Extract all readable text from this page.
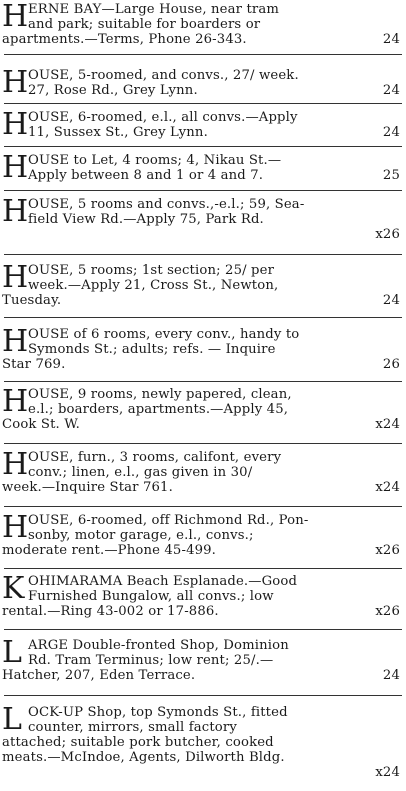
H ERNE BAY—Large House, near tram
and park; suitable for boarders or
apartments.—Terms, Phone 26-343.	24
H OUSE, 5-roomed, and convs., 27/ week.
27, Rose Rd., Grey Lynn.	24
H OUSE, 6-roomed, e.l., all convs.—Apply
11, Sussex St., Grey Lynn.	24
H OUSE to Let, 4 rooms; 4, Nikau St.—
Apply between 8 and 1 or 4 and 7.	25
H OUSE, 5 rooms and convs.,-e.l.; 59, Sea-
field View Rd.—Apply 75, Park Rd.
x26
H OUSE, 5 rooms; 1st section; 25/ per
week.—Apply 21, Cross St., Newton,
Tuesday.	24
H OUSE of 6 rooms, every conv., handy to
Symonds St.; adults; refs. — Inquire
Star 769.	26
H OUSE, 9 rooms, newly papered, clean,
e.l.; boarders, apartments.—Apply 45,
Cook St. W.	x24
H OUSE, furn., 3 rooms, califont, every
conv.; linen, e.l., gas given in 30/
week.—Inquire Star 761.	x24
H OUSE, 6-roomed, off Richmond Rd., Pon-
sonby, motor garage, e.l., convs.;
moderate rent.—Phone 45-499.	x26
K OHIMARAMA Beach Esplanade.—Good
Furnished Bungalow, all convs.; low
rental.—Ring 43-002 or 17-886.	x26
L ARGE Double-fronted Shop, Dominion
Rd. Tram Terminus; low rent; 25/.—
Hatcher, 207, Eden Terrace.	24
L OCK-UP Shop, top Symonds St., fitted
counter, mirrors, small factory
attached; suitable pork butcher, cooked
meats.—McIndoe, Agents, Dilworth Bldg.
x24
